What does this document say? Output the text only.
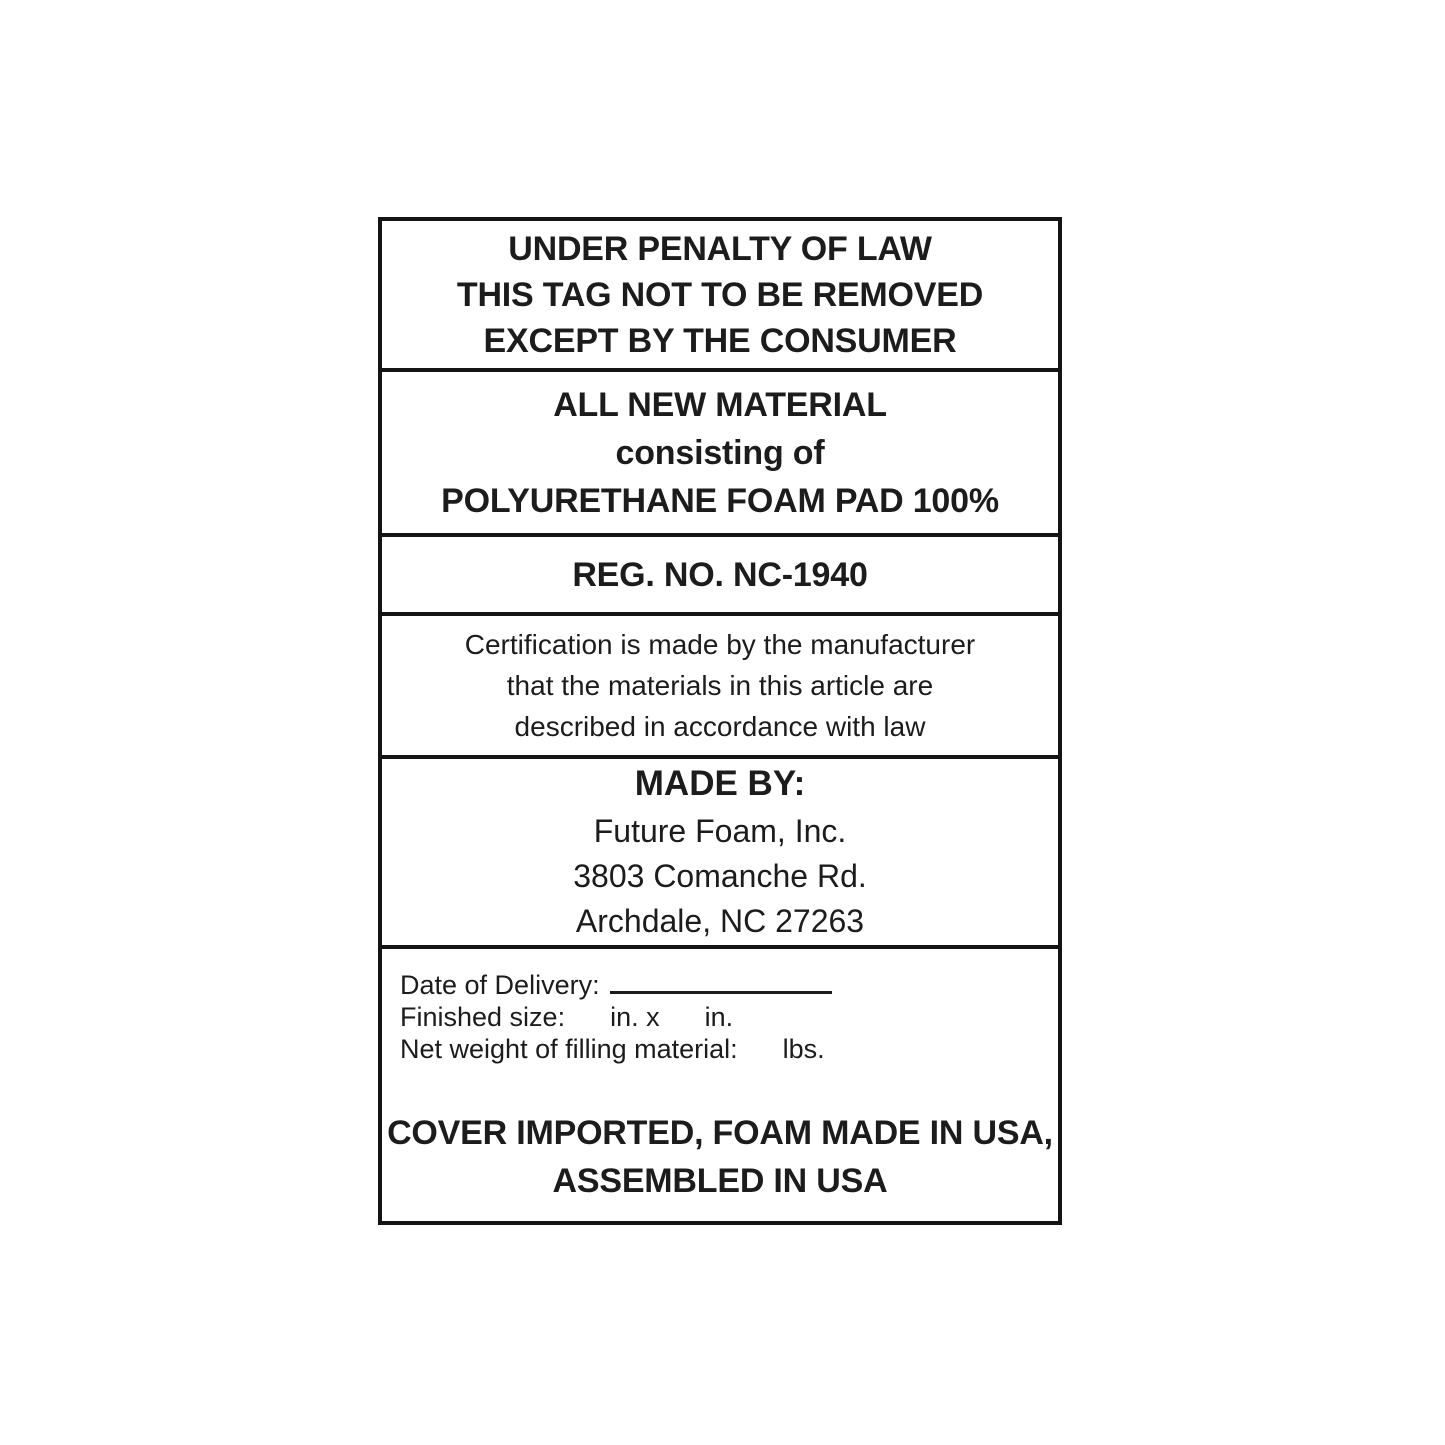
UNDER PENALTY OF LAW
THIS TAG NOT TO BE REMOVED
EXCEPT BY THE CONSUMER
ALL NEW MATERIAL
consisting of
POLYURETHANE FOAM PAD 100%
REG. NO. NC-1940
Certification is made by the manufacturer
that the materials in this article are
described in accordance with law
MADE BY:
Future Foam, Inc.
3803 Comanche Rd.
Archdale, NC 27263
Date of Delivery:
Finished size:      in. x      in.
Net weight of filling material:      lbs.
COVER IMPORTED, FOAM MADE IN USA,
ASSEMBLED IN USA
